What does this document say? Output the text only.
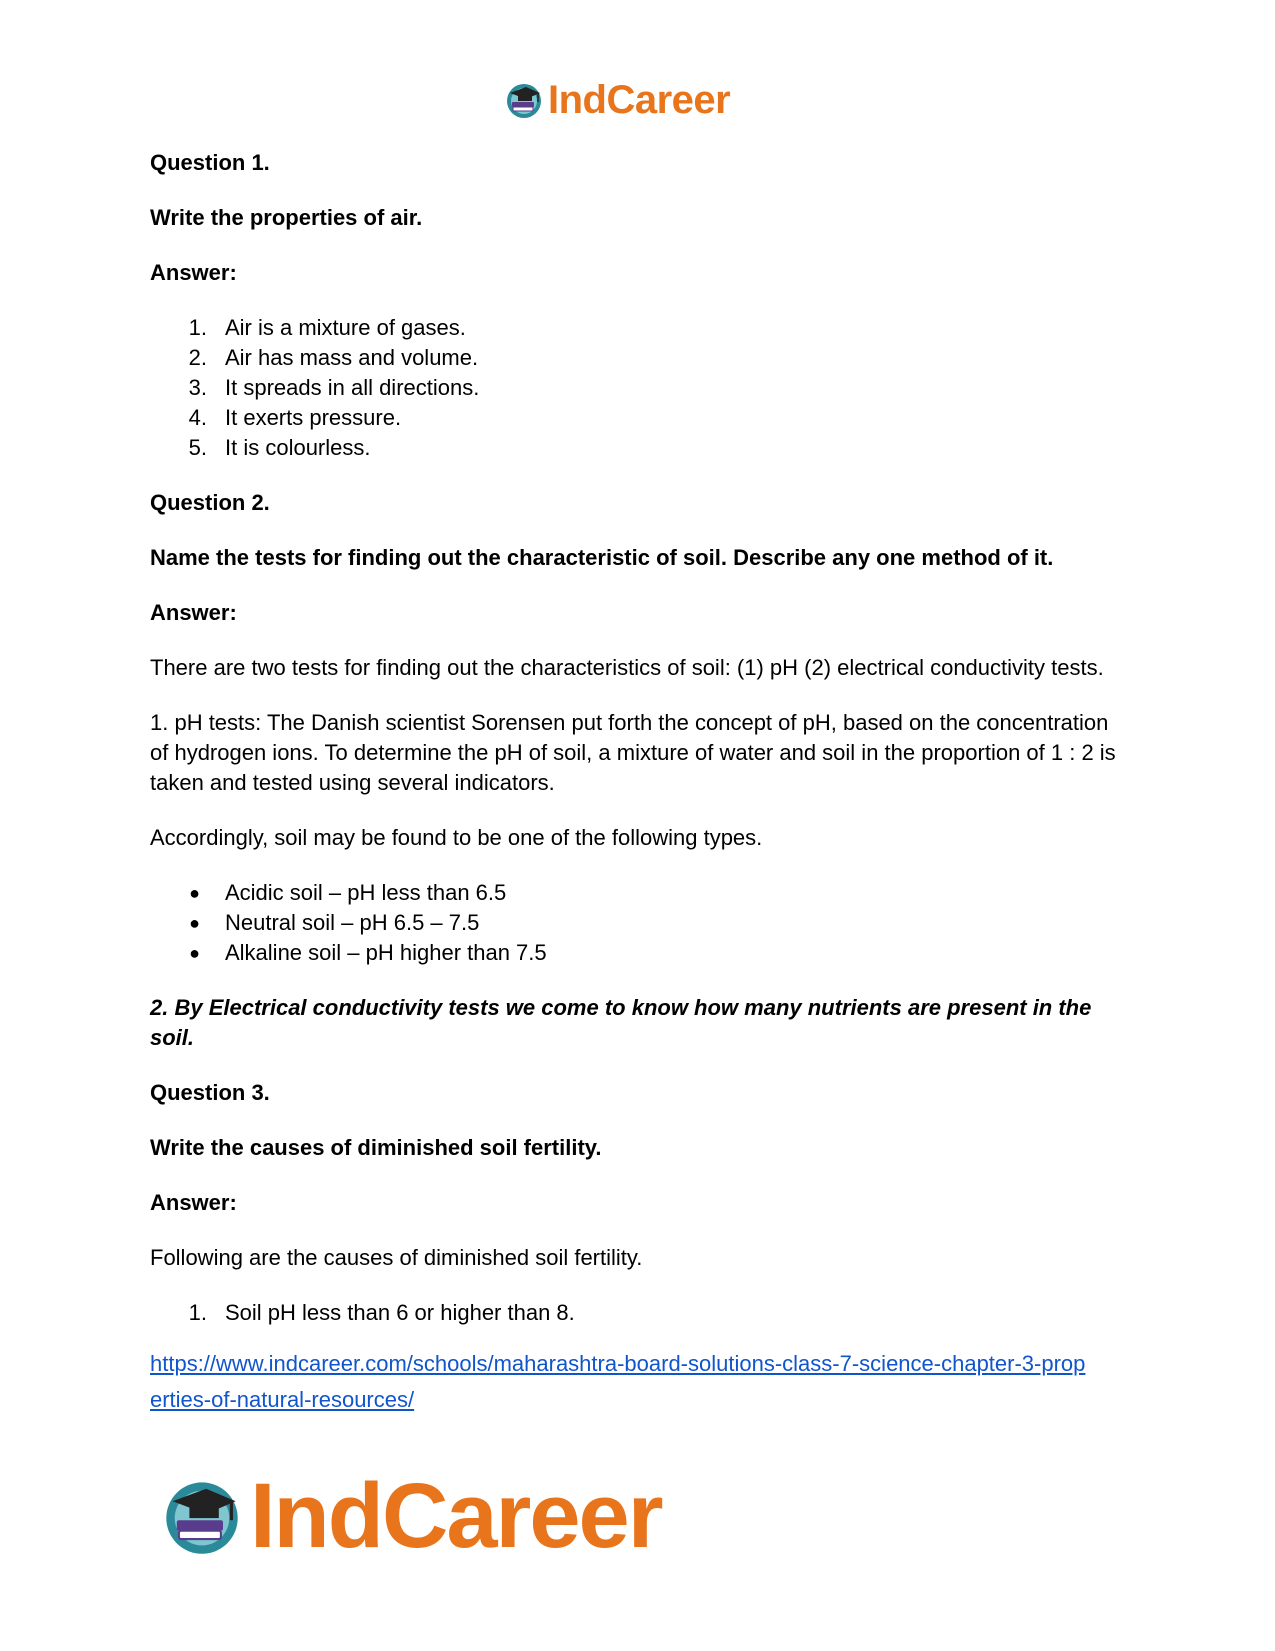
IndCareer

Question 1.

Write the properties of air.

Answer:

1. Air is a mixture of gases.
2. Air has mass and volume.
3. It spreads in all directions.
4. It exerts pressure.
5. It is colourless.

Question 2.

Name the tests for finding out the characteristic of soil. Describe any one method of it.

Answer:

There are two tests for finding out the characteristics of soil: (1) pH (2) electrical conductivity tests.

1. pH tests: The Danish scientist Sorensen put forth the concept of pH, based on the concentration of hydrogen ions. To determine the pH of soil, a mixture of water and soil in the proportion of 1 : 2 is taken and tested using several indicators.

Accordingly, soil may be found to be one of the following types.

● Acidic soil – pH less than 6.5
● Neutral soil – pH 6.5 – 7.5
● Alkaline soil – pH higher than 7.5

2. By Electrical conductivity tests we come to know how many nutrients are present in the soil.

Question 3.

Write the causes of diminished soil fertility.

Answer:

Following are the causes of diminished soil fertility.

1. Soil pH less than 6 or higher than 8.
https://www.indcareer.com/schools/maharashtra-board-solutions-class-7-science-chapter-3-prop
erties-of-natural-resources/
IndCareer
